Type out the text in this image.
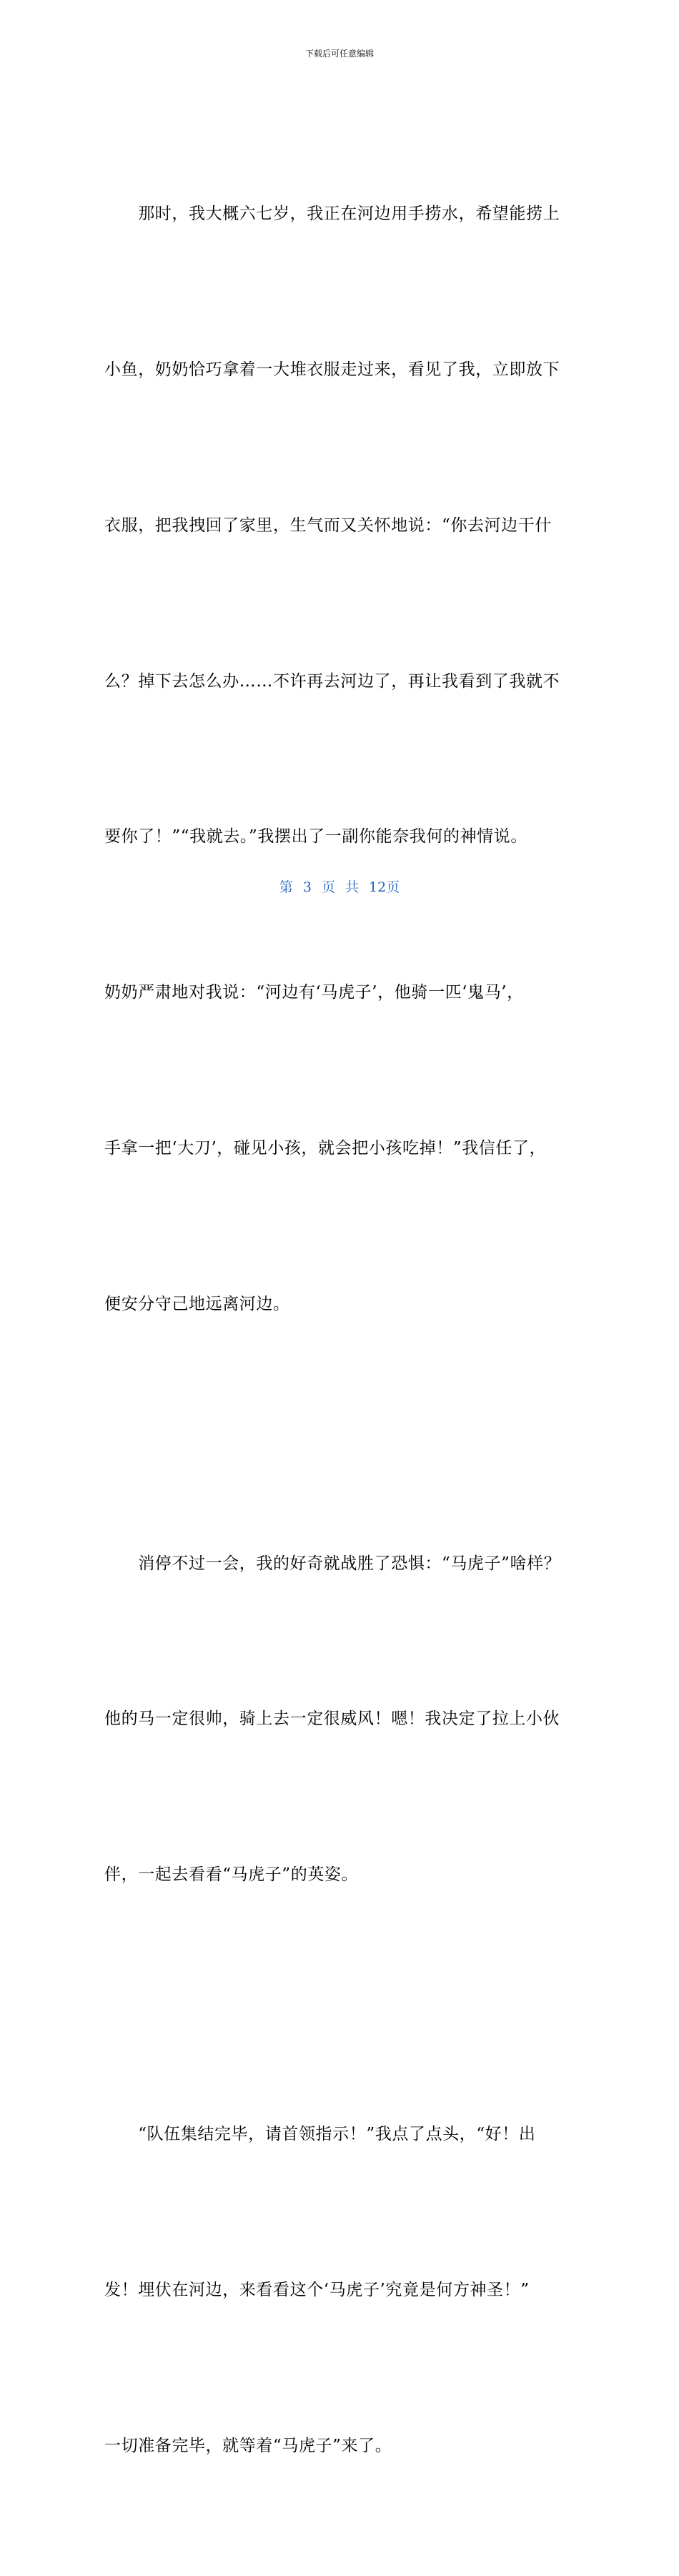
下载后可任意编辑

　　那时，我大概六七岁，我正在河边用手捞水，希望能捞上

小鱼，奶奶恰巧拿着一大堆衣服走过来，看见了我，立即放下

衣服，把我拽回了家里，生气而又关怀地说：“你去河边干什

么？掉下去怎么办……不许再去河边了，再让我看到了我就不

要你了！”“我就去。”我摆出了一副你能奈我何的神情说。

奶奶严肃地对我说：“河边有‘马虎子’，他骑一匹‘鬼马’，

手拿一把‘大刀’，碰见小孩，就会把小孩吃掉！”我信任了，

便安分守己地远离河边。

　　消停不过一会，我的好奇就战胜了恐惧：“马虎子”啥样？

他的马一定很帅，骑上去一定很威风！嗯！我决定了拉上小伙

伴，一起去看看“马虎子”的英姿。

　　“队伍集结完毕，请首领指示！”我点了点头，“好！出

发！埋伏在河边，来看看这个‘马虎子’究竟是何方神圣！”

一切准备完毕，就等着“马虎子”来了。

第 3 页 共 12页
